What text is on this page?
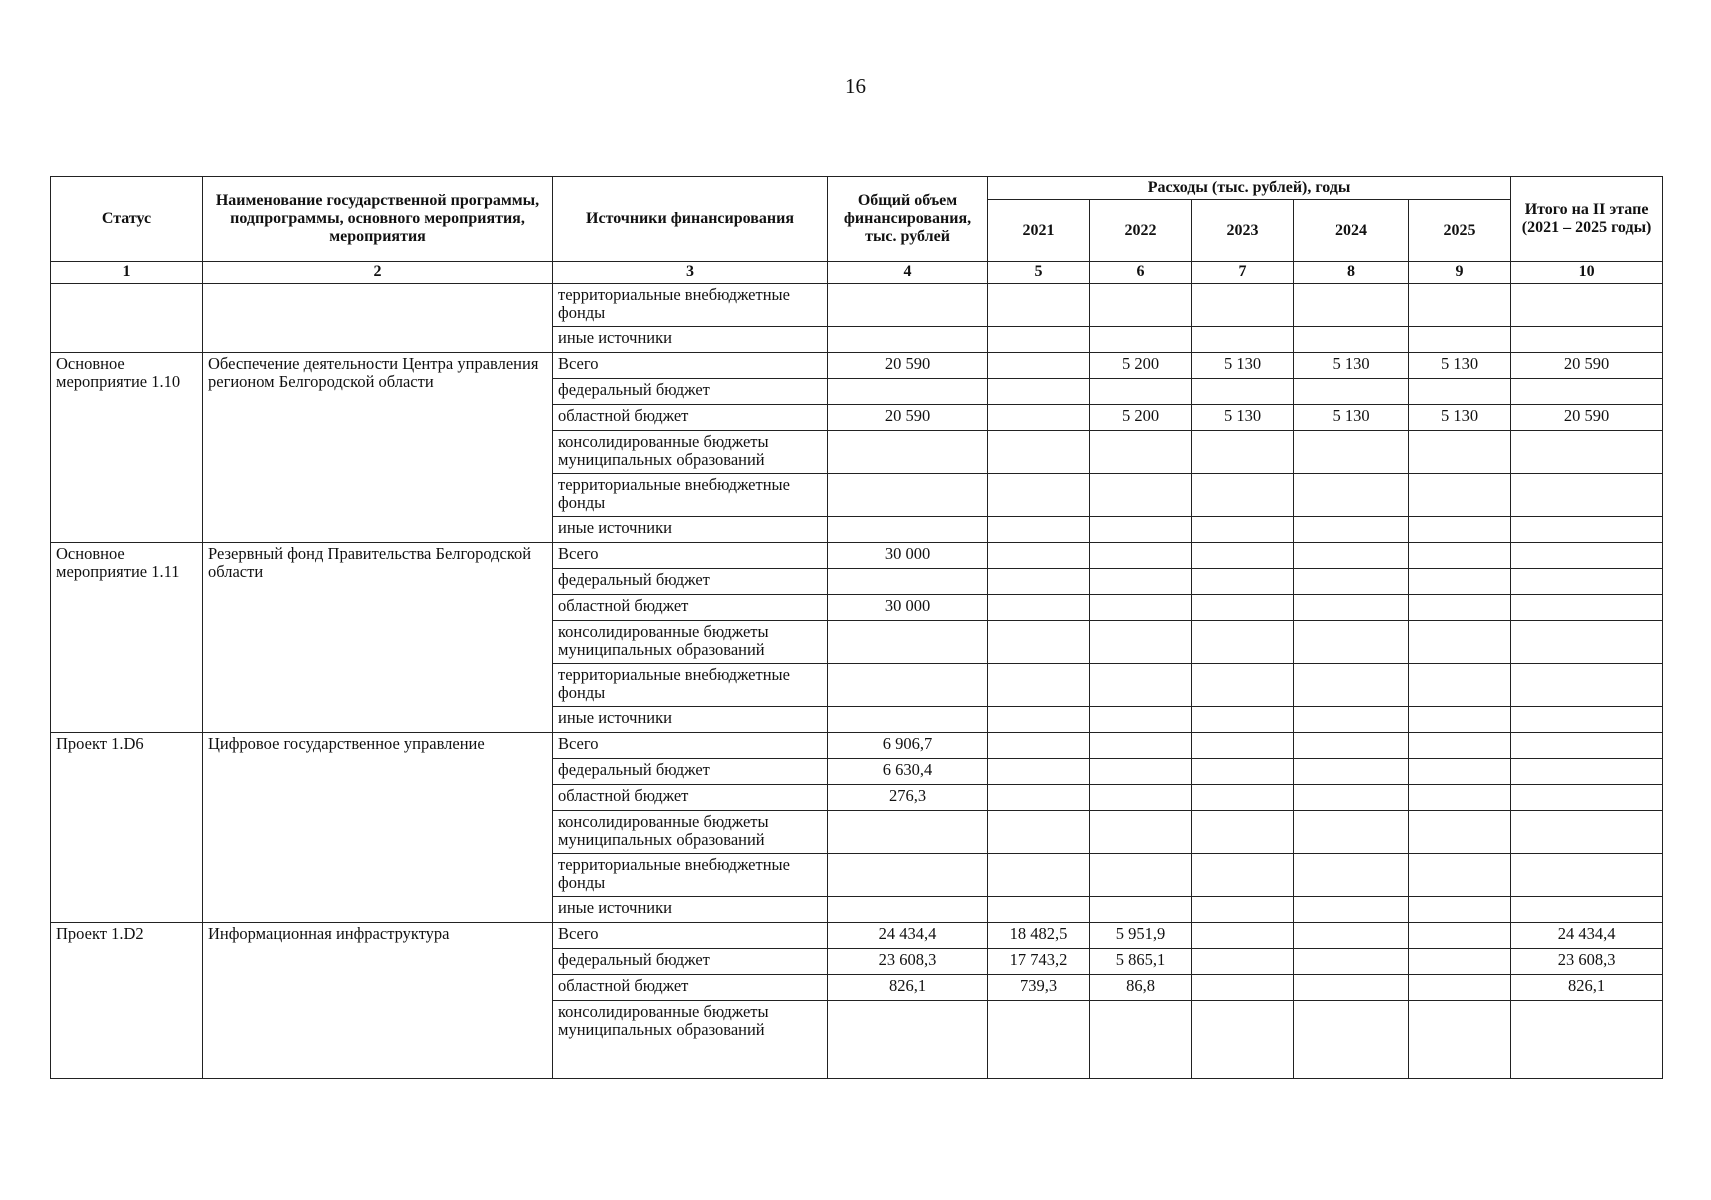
16
Статус	Наименование государственной программы, подпрограммы, основного мероприятия, мероприятия	Источники финансирования	Общий объем финансирования, тыс. рублей	Расходы (тыс. рублей), годы					Итого на II этапе (2021 – 2025 годы)
				2021	2022	2023	2024	2025	
1	2	3	4	5	6	7	8	9	10
		территориальные внебюджетные фонды							
		иные источники							
Основное мероприятие 1.10	Обеспечение деятельности Центра управления регионом Белгородской области	Всего	20 590		5 200	5 130	5 130	5 130	20 590
		федеральный бюджет							
		областной бюджет	20 590		5 200	5 130	5 130	5 130	20 590
		консолидированные бюджеты муниципальных образований							
		территориальные внебюджетные фонды							
		иные источники							
Основное мероприятие 1.11	Резервный фонд Правительства Белгородской области	Всего	30 000						
		федеральный бюджет							
		областной бюджет	30 000						
		консолидированные бюджеты муниципальных образований							
		территориальные внебюджетные фонды							
		иные источники							
Проект 1.D6	Цифровое государственное управление	Всего	6 906,7						
		федеральный бюджет	6 630,4						
		областной бюджет	276,3						
		консолидированные бюджеты муниципальных образований							
		территориальные внебюджетные фонды							
		иные источники							
Проект 1.D2	Информационная инфраструктура	Всего	24 434,4	18 482,5	5 951,9				24 434,4
		федеральный бюджет	23 608,3	17 743,2	5 865,1				23 608,3
		областной бюджет	826,1	739,3	86,8				826,1
		консолидированные бюджеты муниципальных образований							
